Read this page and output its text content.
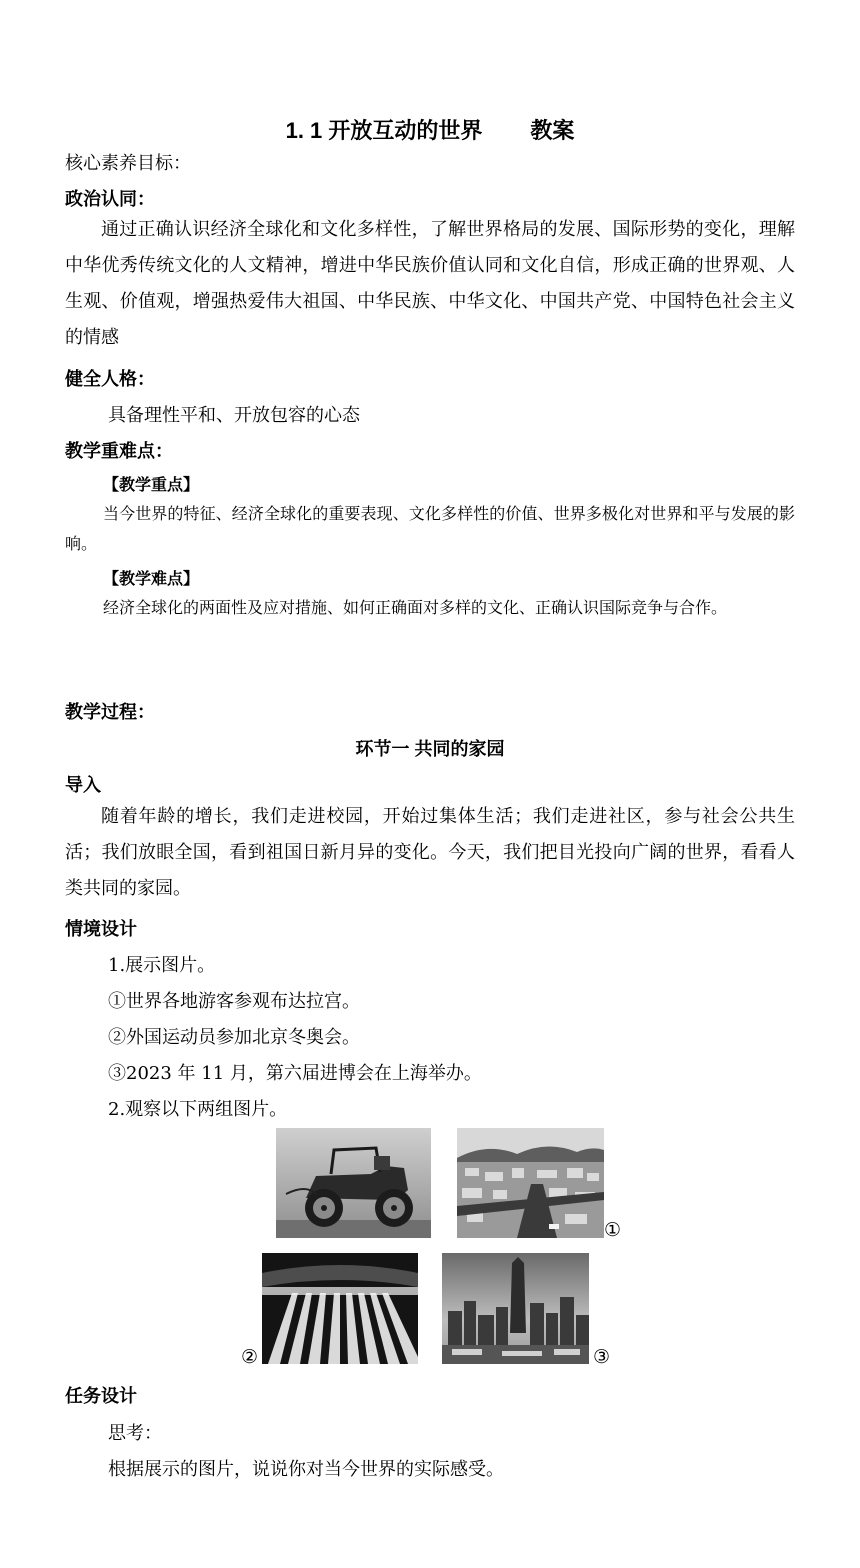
1. 1 开放互动的世界 教案
核心素养目标：
政治认同：

通过正确认识经济全球化和文化多样性，了解世界格局的发展、国际形势的变化，理解中华优秀传统文化的人文精神，增进中华民族价值认同和文化自信，形成正确的世界观、人生观、价值观，增强热爱伟大祖国、中华民族、中华文化、中国共产党、中国特色社会主义的情感

健全人格：
具备理性平和、开放包容的心态
教学重难点：
【教学重点】

当今世界的特征、经济全球化的重要表现、文化多样性的价值、世界多极化对世界和平与发展的影响。

【教学难点】

经济全球化的两面性及应对措施、如何正确面对多样的文化、正确认识国际竞争与合作。

教学过程：
环节一 共同的家园
导入

随着年龄的增长，我们走进校园，开始过集体生活；我们走进社区，参与社会公共生活；我们放眼全国，看到祖国日新月异的变化。今天，我们把目光投向广阔的世界，看看人类共同的家园。

情境设计
1.展示图片。
①世界各地游客参观布达拉宫。
②外国运动员参加北京冬奥会。
③2023 年 11 月，第六届进博会在上海举办。
2.观察以下两组图片。
①
②	③
任务设计
思考：
根据展示的图片，说说你对当今世界的实际感受。
